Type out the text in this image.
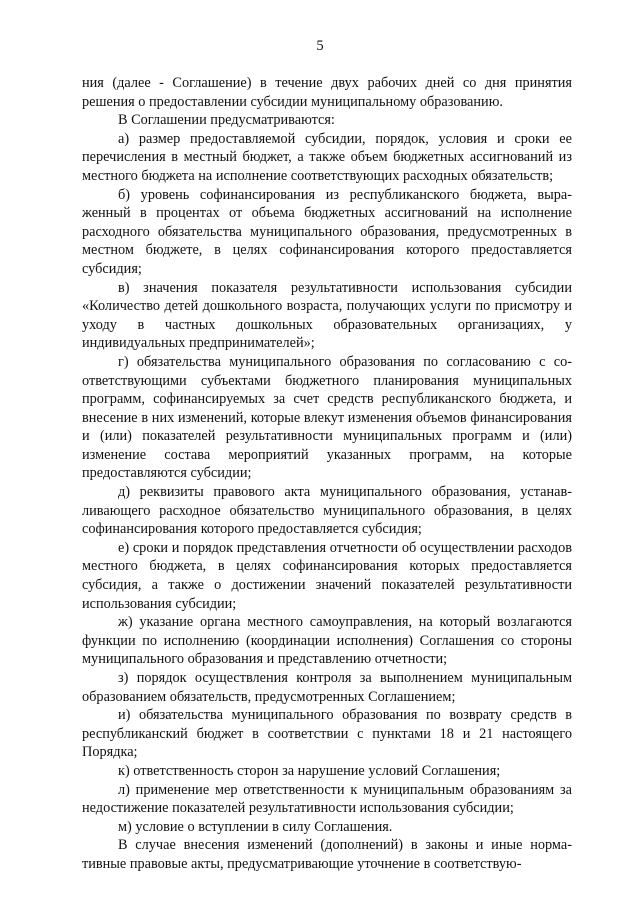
5

ния (далее - Соглашение) в течение двух рабочих дней со дня принятия решения о предоставлении субсидии муниципальному образованию.

В Соглашении предусматриваются:

а) размер предоставляемой субсидии, порядок, условия и сроки ее перечисления в местный бюджет, а также объем бюджетных ассигнований из местного бюджета на исполнение соответствующих расходных обязательств;

б) уровень софинансирования из республиканского бюджета, выраженный в процентах от объема бюджетных ассигнований на исполнение расходного обязательства муниципального образования, предусмотренных в местном бюджете, в целях софинансирования которого предоставляется субсидия;

в) значения показателя результативности использования субсидии «Количество детей дошкольного возраста, получающих услуги по присмотру и уходу в частных дошкольных образовательных организациях, у индивидуальных предпринимателей»;

г) обязательства муниципального образования по согласованию с соответствующими субъектами бюджетного планирования муниципальных программ, софинансируемых за счет средств республиканского бюджета, и внесение в них изменений, которые влекут изменения объемов финансирования и (или) показателей результативности муниципальных программ и (или) изменение состава мероприятий указанных программ, на которые предоставляются субсидии;

д) реквизиты правового акта муниципального образования, устанавливающего расходное обязательство муниципального образования, в целях софинансирования которого предоставляется субсидия;

е) сроки и порядок представления отчетности об осуществлении расходов местного бюджета, в целях софинансирования которых предоставляется субсидия, а также о достижении значений показателей результативности использования субсидии;

ж) указание органа местного самоуправления, на который возлагаются функции по исполнению (координации исполнения) Соглашения со стороны муниципального образования и представлению отчетности;

з) порядок осуществления контроля за выполнением муниципальным образованием обязательств, предусмотренных Соглашением;

и) обязательства муниципального образования по возврату средств в республиканский бюджет в соответствии с пунктами 18 и 21 настоящего Порядка;

к) ответственность сторон за нарушение условий Соглашения;

л) применение мер ответственности к муниципальным образованиям за недостижение показателей результативности использования субсидии;

м) условие о вступлении в силу Соглашения.

В случае внесения изменений (дополнений) в законы и иные нормативные правовые акты, предусматривающие уточнение в соответствую-
